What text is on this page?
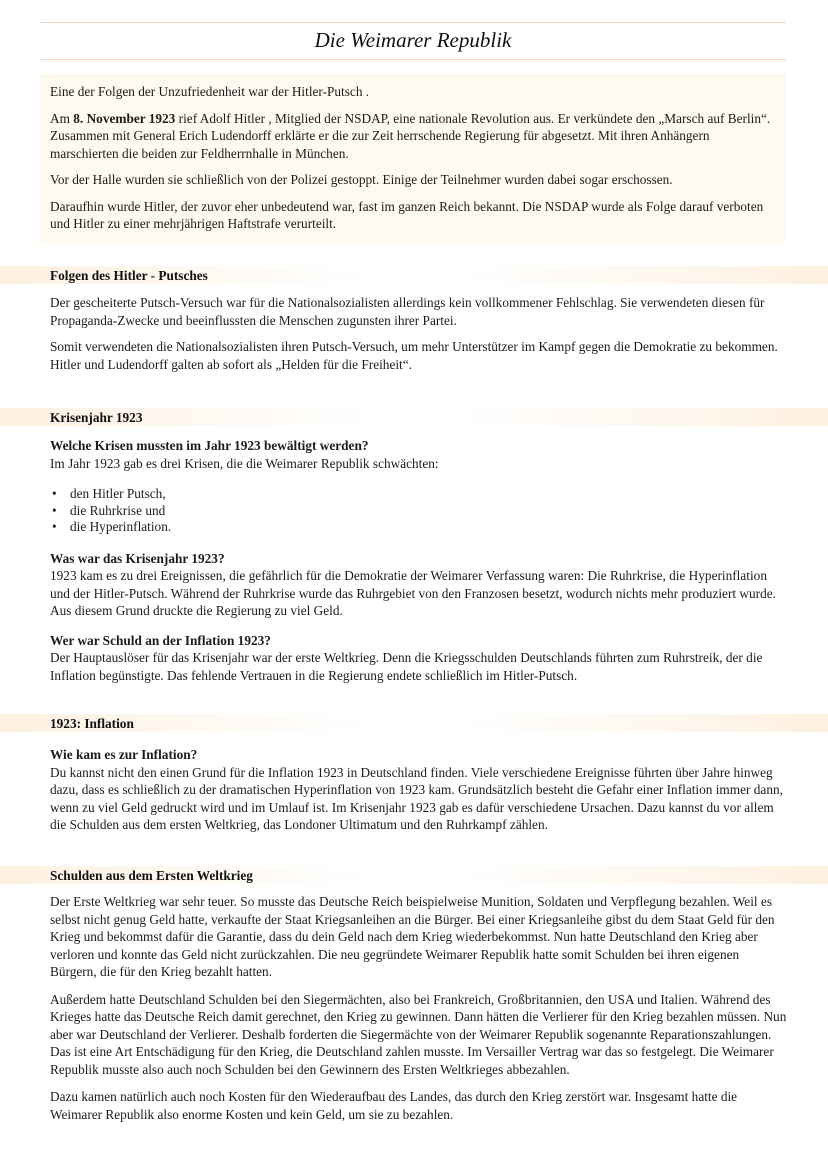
Die Weimarer Republik

Eine der Folgen der Unzufriedenheit war der Hitler-Putsch .

Am 8. November 1923 rief Adolf Hitler , Mitglied der NSDAP, eine nationale Revolution aus. Er verkündete den „Marsch auf Berlin“. Zusammen mit General Erich Ludendorff erklärte er die zur Zeit herrschende Regierung für abgesetzt. Mit ihren Anhängern marschierten die beiden zur Feldherrnhalle in München.

Vor der Halle wurden sie schließlich von der Polizei gestoppt. Einige der Teilnehmer wurden dabei sogar erschossen.

Daraufhin wurde Hitler, der zuvor eher unbedeutend war, fast im ganzen Reich bekannt. Die NSDAP wurde als Folge darauf verboten und Hitler zu einer mehrjährigen Haftstrafe verurteilt.

Folgen des Hitler - Putsches

Der gescheiterte Putsch-Versuch war für die Nationalsozialisten allerdings kein vollkommener Fehlschlag. Sie verwendeten diesen für Propaganda-Zwecke und beeinflussten die Menschen zugunsten ihrer Partei.

Somit verwendeten die Nationalsozialisten ihren Putsch-Versuch, um mehr Unterstützer im Kampf gegen die Demokratie zu bekommen. Hitler und Ludendorff galten ab sofort als „Helden für die Freiheit“.

Krisenjahr 1923
Welche Krisen mussten im Jahr 1923 bewältigt werden?
Im Jahr 1923 gab es drei Krisen, die die Weimarer Republik schwächten:
• den Hitler Putsch,
• die Ruhrkrise und
• die Hyperinflation.
Was war das Krisenjahr 1923?
1923 kam es zu drei Ereignissen, die gefährlich für die Demokratie der Weimarer Verfassung waren: Die Ruhrkrise, die Hyperinflation und der Hitler-Putsch. Während der Ruhrkrise wurde das Ruhrgebiet von den Franzosen besetzt, wodurch nichts mehr produziert wurde. Aus diesem Grund druckte die Regierung zu viel Geld.
Wer war Schuld an der Inflation 1923?
Der Hauptauslöser für das Krisenjahr war der erste Weltkrieg. Denn die Kriegsschulden Deutschlands führten zum Ruhrstreik, der die Inflation begünstigte. Das fehlende Vertrauen in die Regierung endete schließlich im Hitler-Putsch.
1923: Inflation
Wie kam es zur Inflation?
Du kannst nicht den einen Grund für die Inflation 1923 in Deutschland finden. Viele verschiedene Ereignisse führten über Jahre hinweg dazu, dass es schließlich zu der dramatischen Hyperinflation von 1923 kam. Grundsätzlich besteht die Gefahr einer Inflation immer dann, wenn zu viel Geld gedruckt wird und im Umlauf ist. Im Krisenjahr 1923 gab es dafür verschiedene Ursachen. Dazu kannst du vor allem die Schulden aus dem ersten Weltkrieg, das Londoner Ultimatum und den Ruhrkampf zählen.
Schulden aus dem Ersten Weltkrieg

Der Erste Weltkrieg war sehr teuer. So musste das Deutsche Reich beispielweise Munition, Soldaten und Verpflegung bezahlen. Weil es selbst nicht genug Geld hatte, verkaufte der Staat Kriegsanleihen an die Bürger. Bei einer Kriegsanleihe gibst du dem Staat Geld für den Krieg und bekommst dafür die Garantie, dass du dein Geld nach dem Krieg wiederbekommst. Nun hatte Deutschland den Krieg aber verloren und konnte das Geld nicht zurückzahlen. Die neu gegründete Weimarer Republik hatte somit Schulden bei ihren eigenen Bürgern, die für den Krieg bezahlt hatten.

Außerdem hatte Deutschland Schulden bei den Siegermächten, also bei Frankreich, Großbritannien, den USA und Italien. Während des Krieges hatte das Deutsche Reich damit gerechnet, den Krieg zu gewinnen. Dann hätten die Verlierer für den Krieg bezahlen müssen. Nun aber war Deutschland der Verlierer. Deshalb forderten die Siegermächte von der Weimarer Republik sogenannte Reparationszahlungen. Das ist eine Art Entschädigung für den Krieg, die Deutschland zahlen musste. Im Versailler Vertrag war das so festgelegt. Die Weimarer Republik musste also auch noch Schulden bei den Gewinnern des Ersten Weltkrieges abbezahlen.

Dazu kamen natürlich auch noch Kosten für den Wiederaufbau des Landes, das durch den Krieg zerstört war. Insgesamt hatte die Weimarer Republik also enorme Kosten und kein Geld, um sie zu bezahlen.
